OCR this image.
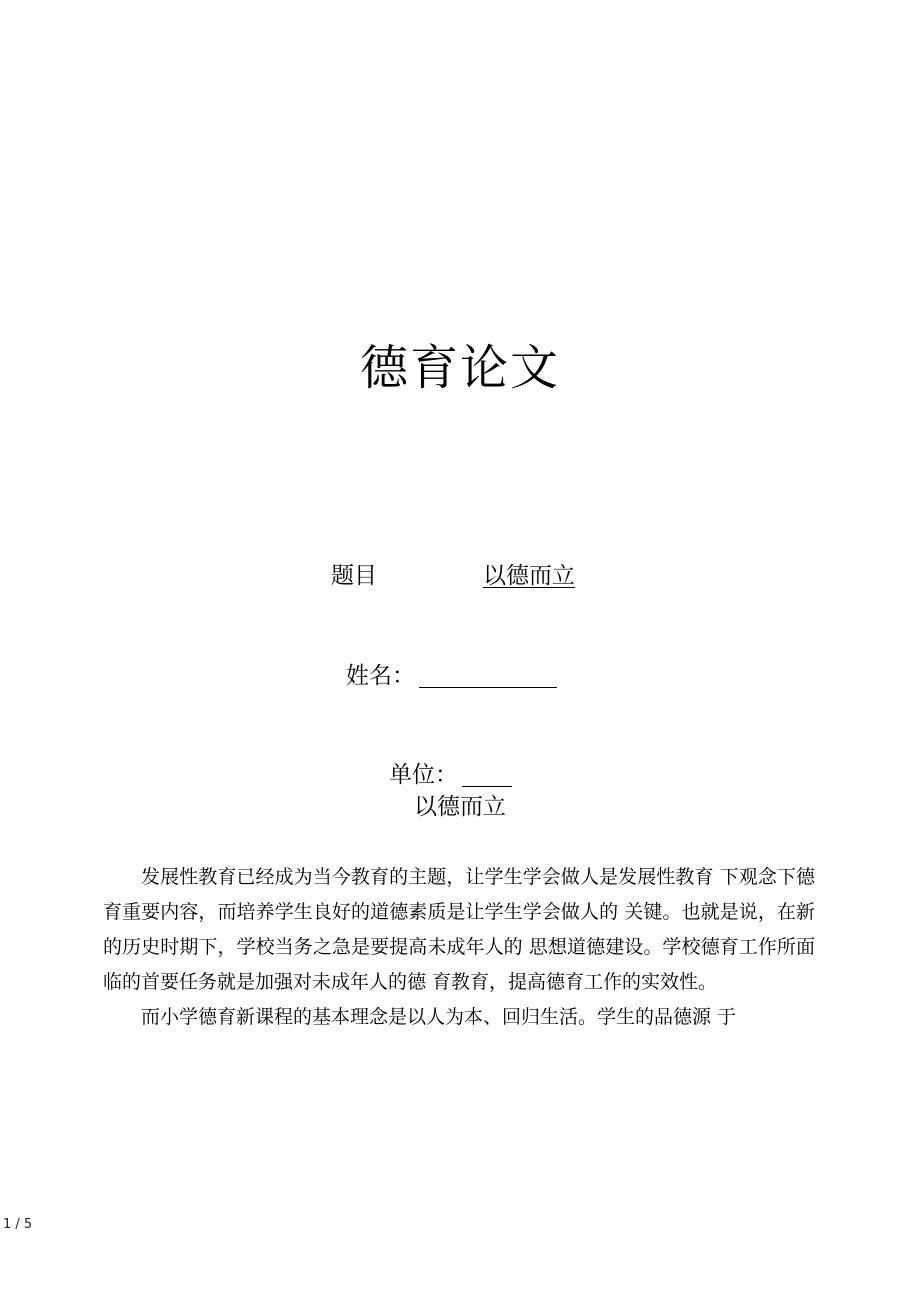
德育论文
题目	以德而立
姓名：
单位：
以德而立

发展性教育已经成为当今教育的主题，让学生学会做人是发展性教育 下观念下德育重要内容，而培养学生良好的道德素质是让学生学会做人的 关键。也就是说，在新的历史时期下，学校当务之急是要提高未成年人的 思想道德建设。学校德育工作所面临的首要任务就是加强对未成年人的德 育教育，提高德育工作的实效性。

而小学德育新课程的基本理念是以人为本、回归生活。学生的品德源 于

1 / 5
